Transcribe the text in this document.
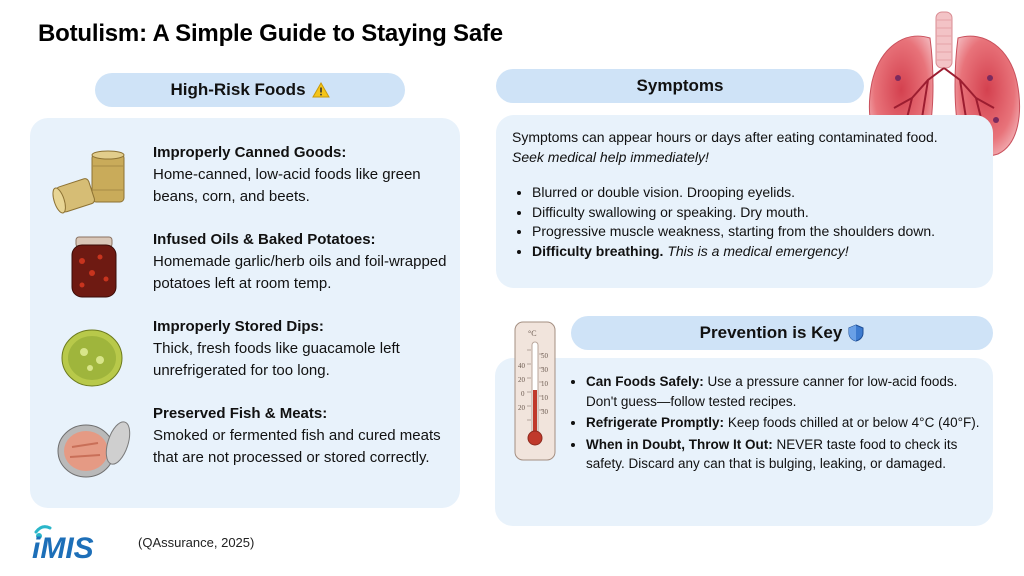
Botulism: A Simple Guide to Staying Safe
High-Risk Foods
Improperly Canned Goods:
Home-canned, low-acid foods like green beans, corn, and beets.
Infused Oils & Baked Potatoes:
Homemade garlic/herb oils and foil-wrapped potatoes left at room temp.
Improperly Stored Dips:
Thick, fresh foods like guacamole left unrefrigerated for too long.
Preserved Fish & Meats:
Smoked or fermented fish and cured meats that are not processed or stored correctly.
Symptoms
Symptoms can appear hours or days after eating contaminated food. Seek medical help immediately!
• Blurred or double vision. Drooping eyelids.
• Difficulty swallowing or speaking. Dry mouth.
• Progressive muscle weakness, starting from the shoulders down.
• Difficulty breathing. This is a medical emergency!
Prevention is Key
• Can Foods Safely: Use a pressure canner for low-acid foods. Don't guess—follow tested recipes.
• Refrigerate Promptly: Keep foods chilled at or below 4°C (40°F).
• When in Doubt, Throw It Out: NEVER taste food to check its safety. Discard any can that is bulging, leaking, or damaged.
°C
40
20
0
20
50
30
10
10
30
iMIS	(QAssurance, 2025)
